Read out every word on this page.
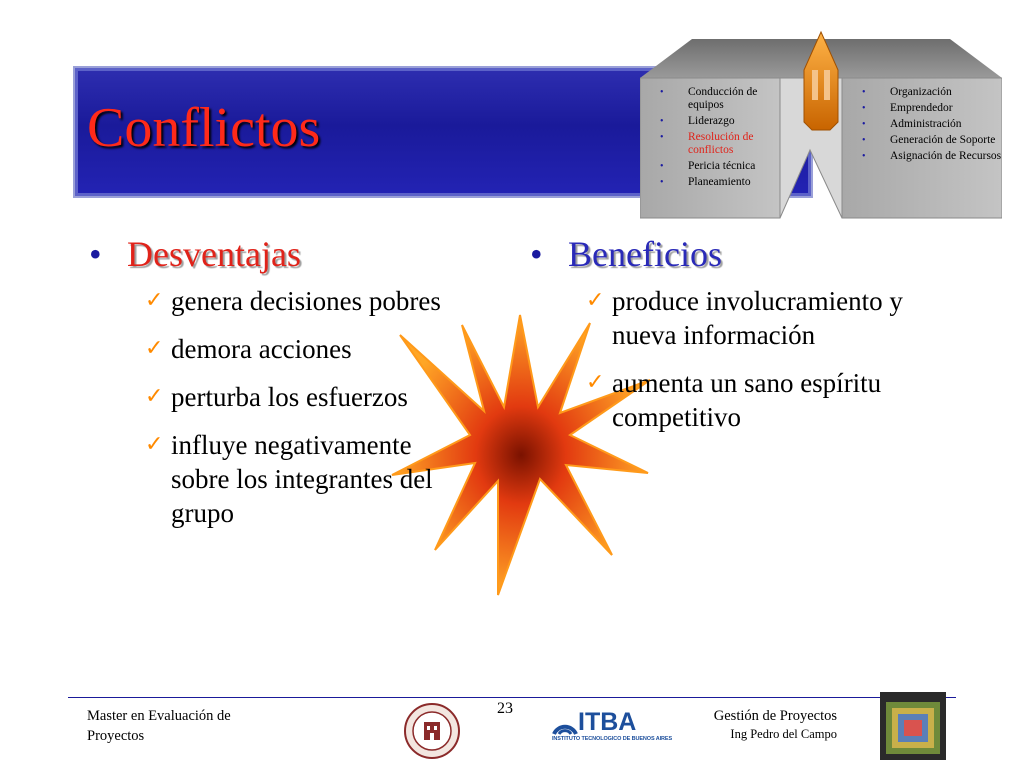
Conflictos
• Conducción de equipos
• Liderazgo
• Resolución de conflictos
• Pericia técnica
• Planeamiento
• Organización
• Emprendedor
• Administración
• Generación de Soporte
• Asignación de Recursos
• Desventajas
✓ genera decisiones pobres
✓ demora acciones
✓ perturba los esfuerzos
✓ influye negativamente sobre los integrantes del grupo
• Beneficios
✓ produce involucramiento y nueva información
✓ aumenta un sano espíritu competitivo
Master en Evaluación de
Proyectos
23	ITBA
INSTITUTO TECNOLOGICO DE BUENOS AIRES
Gestión de Proyectos
Ing Pedro del Campo
